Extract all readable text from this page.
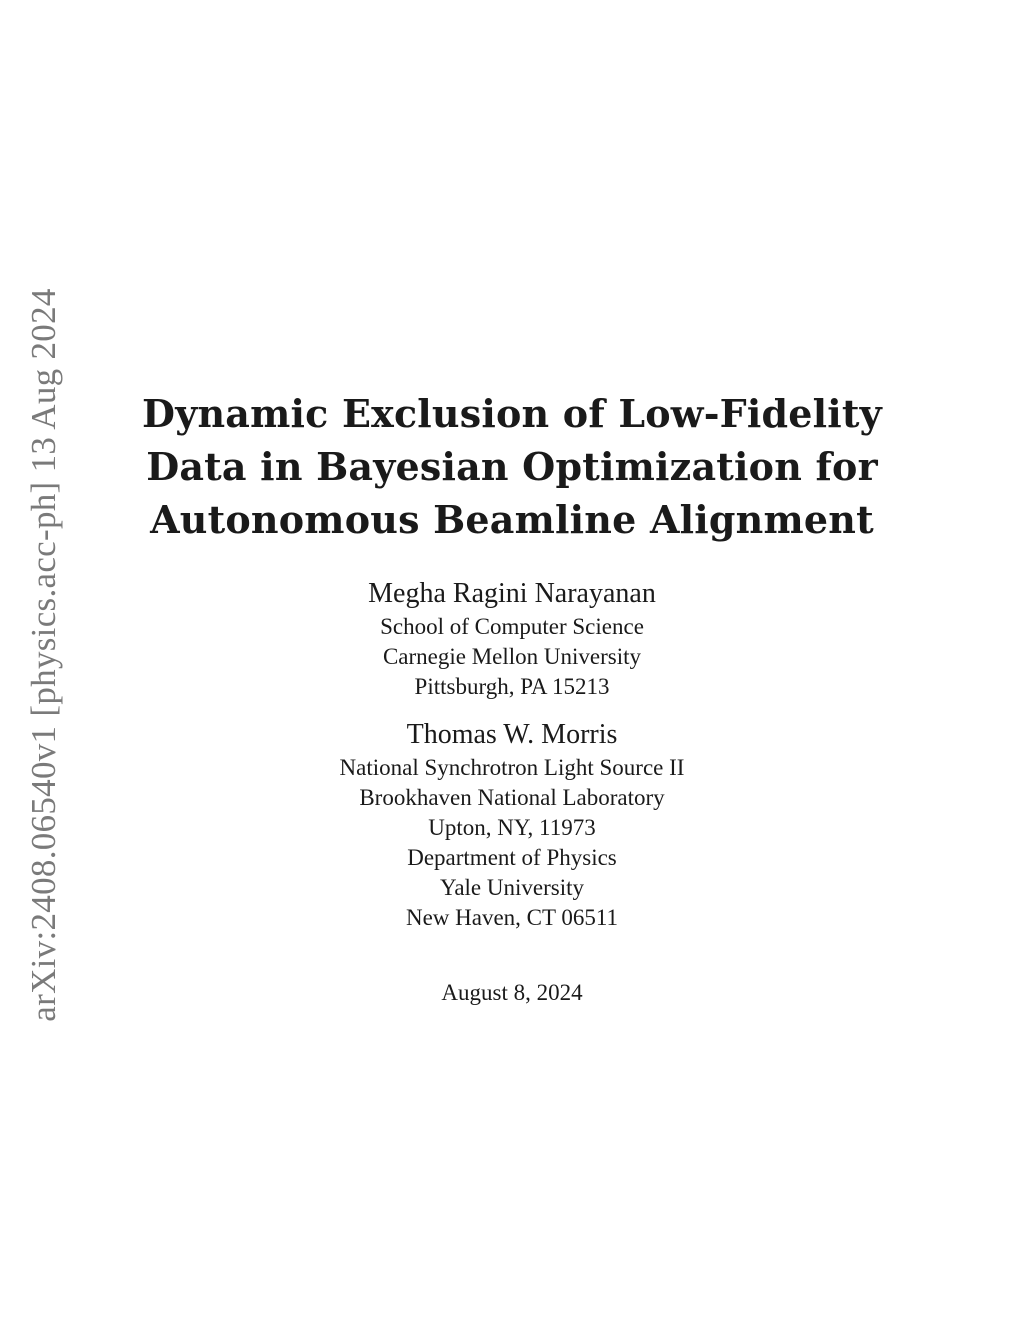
arXiv:2408.06540v1 [physics.acc-ph] 13 Aug 2024	Dynamic Exclusion of Low-Fidelity
Data in Bayesian Optimization for
Autonomous Beamline Alignment
Megha Ragini Narayanan
School of Computer Science
Carnegie Mellon University
Pittsburgh, PA 15213
Thomas W. Morris
National Synchrotron Light Source II
Brookhaven National Laboratory
Upton, NY, 11973
Department of Physics
Yale University
New Haven, CT 06511
August 8, 2024
